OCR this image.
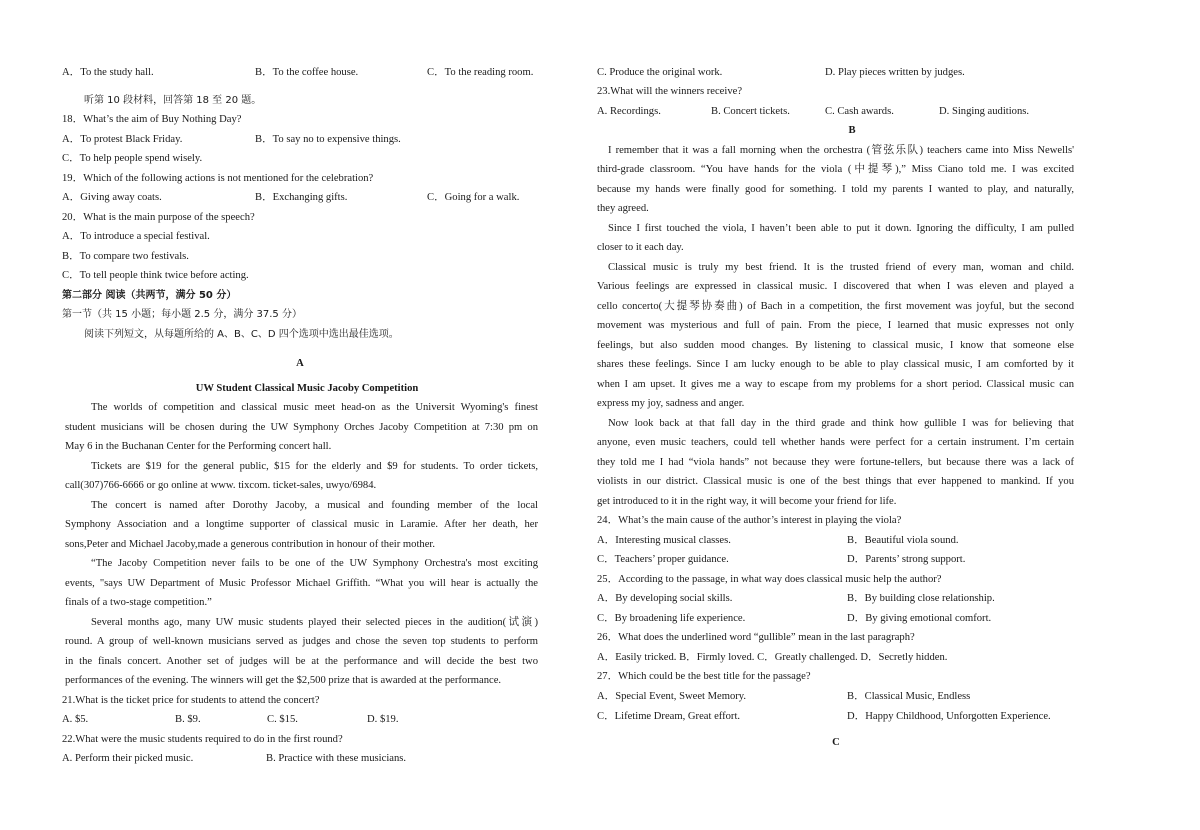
A．To the study hall.	B．To the coffee house.	C．To the reading room.
听第 10 段材料，回答第 18 至 20 题。
18．What’s the aim of Buy Nothing Day?
A．To protest Black Friday.	B．To say no to expensive things.
C．To help people spend wisely.
19．Which of the following actions is not mentioned for the celebration?
A．Giving away coats.	B．Exchanging gifts.	C．Going for a walk.
20．What is the main purpose of the speech?
A．To introduce a special festival.
B．To compare two festivals.
C．To tell people think twice before acting.
第二部分 阅读（共两节，满分 50 分）
第一节（共 15 小题；每小题 2.5 分，满分 37.5 分）
阅读下列短文，从每题所给的 A、B、C、D 四个选项中选出最佳选项。
A
UW Student Classical Music Jacoby Competition
The worlds of competition and classical music meet head-on as the Universit Wyoming's finest
student musicians will be chosen during the UW Symphony Orches Jacoby Competition at 7:30 pm on
May 6 in the Buchanan Center for the Performing concert hall.
Tickets are $19 for the general public, $15 for the elderly and $9 for students. To order tickets,
call(307)766-6666 or go online at www. tixcom. ticket-sales, uwyo/6984.
The concert is named after Dorothy Jacoby, a musical and founding member of the local
Symphony Association and a longtime supporter of classical music in Laramie. After her death, her
sons,Peter and Michael Jacoby,made a generous contribution in honour of their mother.
“The Jacoby Competition never fails to be one of the UW Symphony Orchestra's most exciting
events, "says UW Department of Music Professor Michael Griffith. “What you will hear is actually the
finals of a two-stage competition.”
Several months ago, many UW music students played their selected pieces in the audition(试演)
round. A group of well-known musicians served as judges and chose the seven top students to perform
in the finals concert. Another set of judges will be at the performance and will decide the best two
performances of the evening. The winners will get the $2,500 prize that is awarded at the performance.
21.What is the ticket price for students to attend the concert?
A. $5.	B. $9.	C. $15.	D. $19.
22.What were the music students required to do in the first round?
A. Perform their picked music.	B. Practice with these musicians.
C. Produce the original work.	D. Play pieces written by judges.
23.What will the winners receive?
A. Recordings.	B. Concert tickets.	C. Cash awards.	D. Singing auditions.
B
I remember that it was a fall morning when the orchestra (管弦乐队) teachers came into Miss Newells'
third-grade classroom. “You have hands for the viola (中提琴),” Miss Ciano told me. I was excited
because my hands were finally good for something. I told my parents I wanted to play, and naturally,
they agreed.
Since I first touched the viola, I haven’t been able to put it down. Ignoring the difficulty, I am pulled
closer to it each day.
Classical music is truly my best friend. It is the trusted friend of every man, woman and child.
Various feelings are expressed in classical music. I discovered that when I was eleven and played a
cello concerto(大提琴协奏曲) of Bach in a competition, the first movement was joyful, but the second
movement was mysterious and full of pain. From the piece, I learned that music expresses not only
feelings, but also sudden mood changes. By listening to classical music, I know that someone else
shares these feelings. Since I am lucky enough to be able to play classical music, I am comforted by it
when I am upset. It gives me a way to escape from my problems for a short period. Classical music can
express my joy, sadness and anger.
Now look back at that fall day in the third grade and think how gullible I was for believing that
anyone, even music teachers, could tell whether hands were perfect for a certain instrument. I’m certain
they told me I had “viola hands” not because they were fortune-tellers, but because there was a lack of
violists in our district. Classical music is one of the best things that ever happened to mankind. If you
get introduced to it in the right way, it will become your friend for life.
24．What’s the main cause of the author’s interest in playing the viola?
A．Interesting musical classes.	B．Beautiful viola sound.
C．Teachers’ proper guidance.	D．Parents’ strong support.
25．According to the passage, in what way does classical music help the author?
A．By developing social skills.	B．By building close relationship.
C．By broadening life experience.	D．By giving emotional comfort.
26．What does the underlined word “gullible” mean in the last paragraph?
A．Easily tricked. B．Firmly loved. C．Greatly challenged. D．Secretly hidden.
27．Which could be the best title for the passage?
A．Special Event, Sweet Memory.	B．Classical Music, Endless
C．Lifetime Dream, Great effort.	D．Happy Childhood, Unforgotten Experience.
C
